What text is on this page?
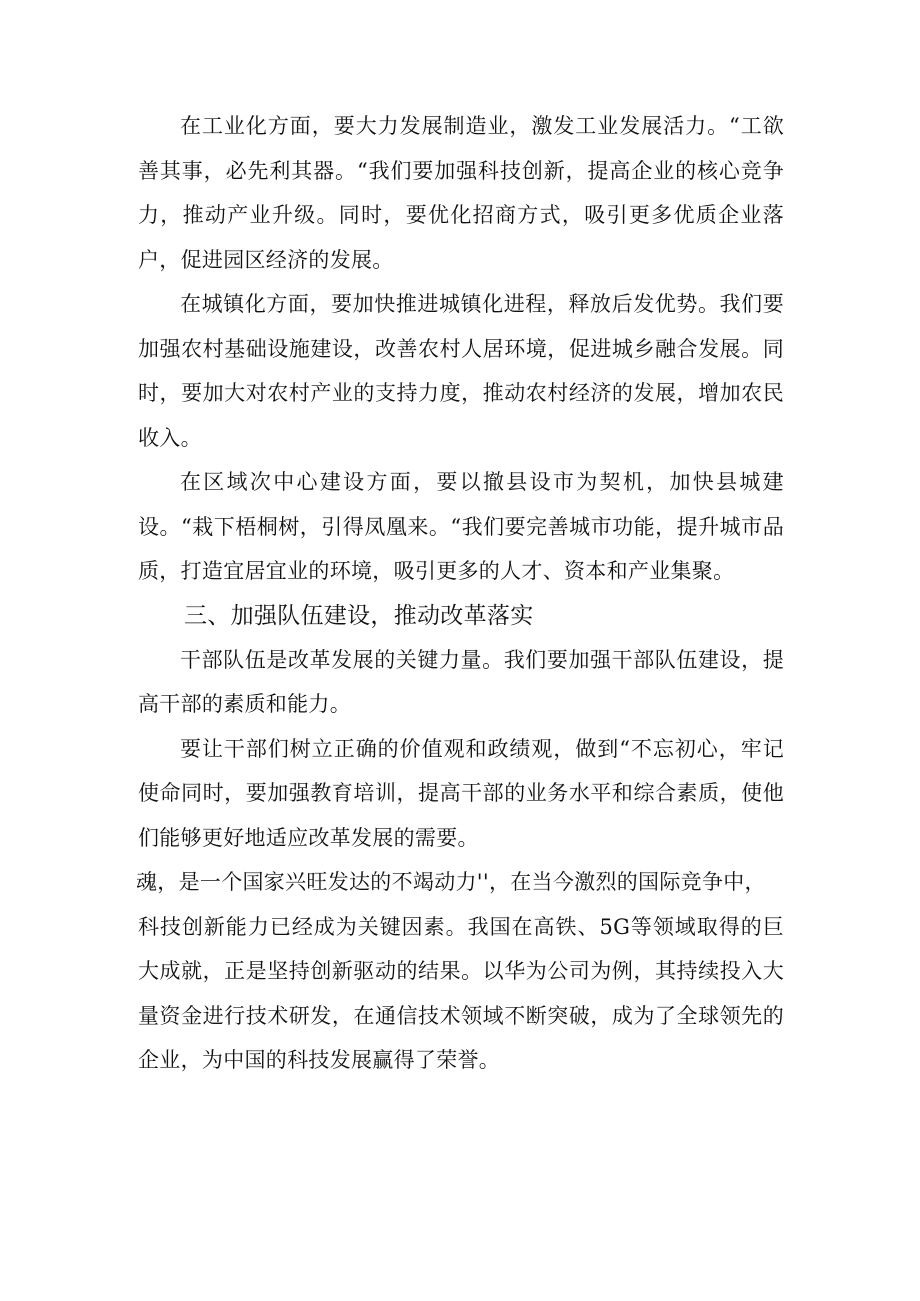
在工业化方面，要大力发展制造业，激发工业发展活力。“工欲善其事，必先利其器。“我们要加强科技创新，提高企业的核心竞争力，推动产业升级。同时，要优化招商方式，吸引更多优质企业落户，促进园区经济的发展。

在城镇化方面，要加快推进城镇化进程，释放后发优势。我们要加强农村基础设施建设，改善农村人居环境，促进城乡融合发展。同时，要加大对农村产业的支持力度，推动农村经济的发展，增加农民收入。

在区域次中心建设方面，要以撤县设市为契机，加快县城建设。“栽下梧桐树，引得凤凰来。“我们要完善城市功能，提升城市品质，打造宜居宜业的环境，吸引更多的人才、资本和产业集聚。

三、加强队伍建设，推动改革落实

干部队伍是改革发展的关键力量。我们要加强干部队伍建设，提高干部的素质和能力。

要让干部们树立正确的价值观和政绩观，做到“不忘初心，牢记使命同时，要加强教育培训，提高干部的业务水平和综合素质，使他们能够更好地适应改革发展的需要。

魂，是一个国家兴旺发达的不竭动力''，在当今激烈的国际竞争中，

科技创新能力已经成为关键因素。我国在高铁、5G等领域取得的巨大成就，正是坚持创新驱动的结果。以华为公司为例，其持续投入大量资金进行技术研发，在通信技术领域不断突破，成为了全球领先的企业，为中国的科技发展赢得了荣誉。
